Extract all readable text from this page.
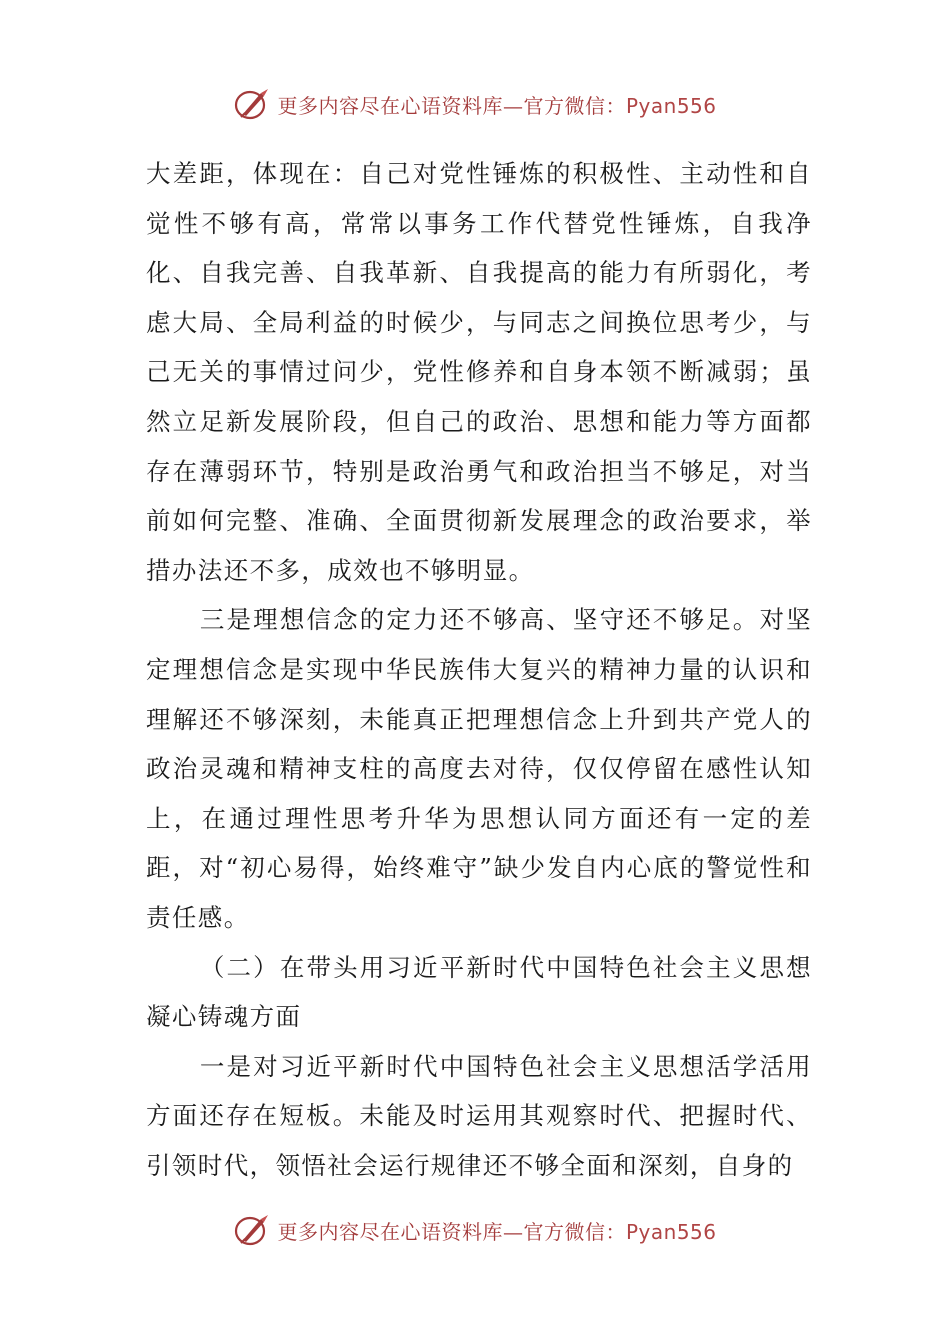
更多内容尽在心语资料库—官方微信：Pyan556

大差距，体现在：自己对党性锤炼的积极性、主动性和自觉性不够有高，常常以事务工作代替党性锤炼，自我净化、自我完善、自我革新、自我提高的能力有所弱化，考虑大局、全局利益的时候少，与同志之间换位思考少，与己无关的事情过问少，党性修养和自身本领不断减弱；虽然立足新发展阶段，但自己的政治、思想和能力等方面都存在薄弱环节，特别是政治勇气和政治担当不够足，对当前如何完整、准确、全面贯彻新发展理念的政治要求，举措办法还不多，成效也不够明显。

三是理想信念的定力还不够高、坚守还不够足。对坚定理想信念是实现中华民族伟大复兴的精神力量的认识和理解还不够深刻，未能真正把理想信念上升到共产党人的政治灵魂和精神支柱的高度去对待，仅仅停留在感性认知上，在通过理性思考升华为思想认同方面还有一定的差距，对“初心易得，始终难守”缺少发自内心底的警觉性和责任感。

（二）在带头用习近平新时代中国特色社会主义思想凝心铸魂方面

一是对习近平新时代中国特色社会主义思想活学活用方面还存在短板。未能及时运用其观察时代、把握时代、引领时代，领悟社会运行规律还不够全面和深刻，自身的

更多内容尽在心语资料库—官方微信：Pyan556
